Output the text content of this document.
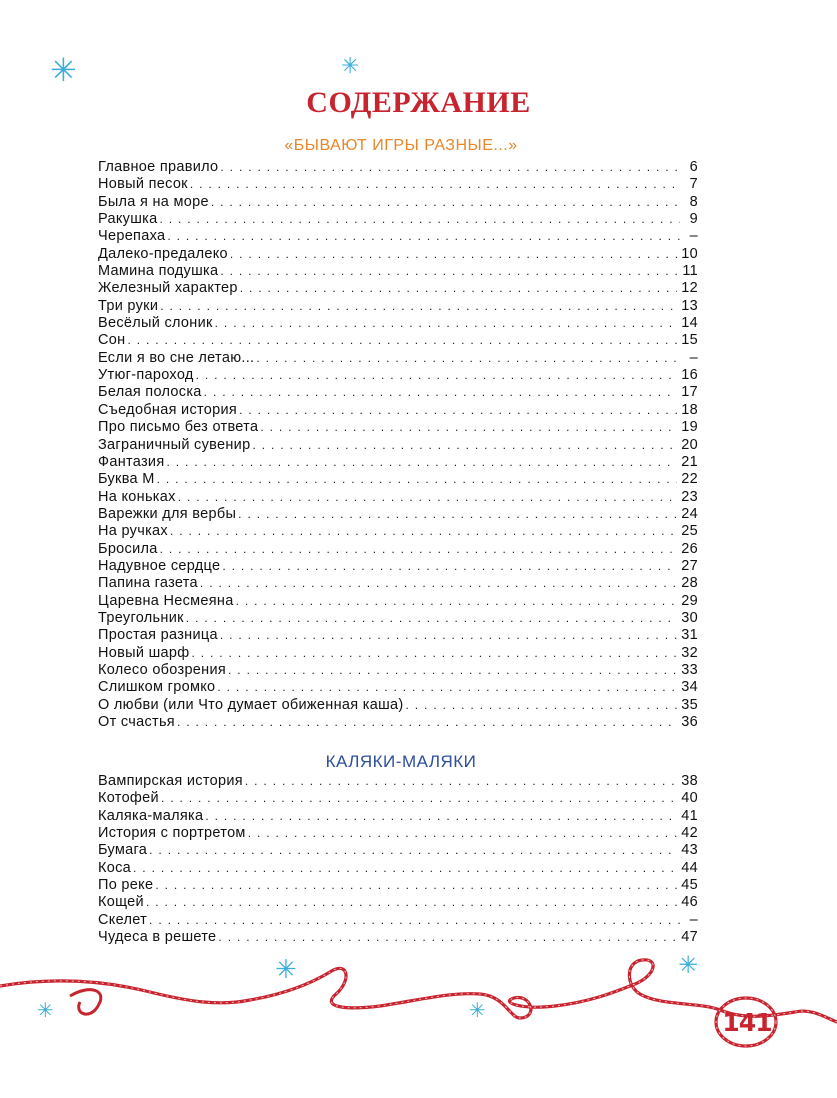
✳	✳
СОДЕРЖАНИЕ
«БЫВАЮТ ИГРЫ РАЗНЫЕ...»
Главное правило . . .	6
Новый песок . . .	7
Была я на море . . .	8
Ракушка . . .	9
Черепаха . . .	–
Далеко-предалеко . . .	10
Мамина подушка . . .	11
Железный характер . . .	12
Три руки . . .	13
Весёлый слоник . . .	14
Сон . . .	15
Если я во сне летаю... . . .	–
Утюг-пароход . . .	16
Белая полоска . . .	17
Съедобная история . . .	18
Про письмо без ответа . . .	19
Заграничный сувенир . . .	20
Фантазия . . .	21
Буква М . . .	22
На коньках . . .	23
Варежки для вербы . . .	24
На ручках . . .	25
Бросила . . .	26
Надувное сердце . . .	27
Папина газета . . .	28
Царевна Несмеяна . . .	29
Треугольник . . .	30
Простая разница . . .	31
Новый шарф . . .	32
Колесо обозрения . . .	33
Слишком громко . . .	34
О любви (или Что думает обиженная каша) . . .	35
От счастья . . .	36
КАЛЯКИ-МАЛЯКИ
Вампирская история . . .	38
Котофей . . .	40
Каляка-маляка . . .	41
История с портретом . . .	42
Бумага . . .	43
Коса . . .	44
По реке . . .	45
Кощей . . .	46
Скелет . . .	–
Чудеса в решете . . .	47
✳	✳
✳	✳	141
